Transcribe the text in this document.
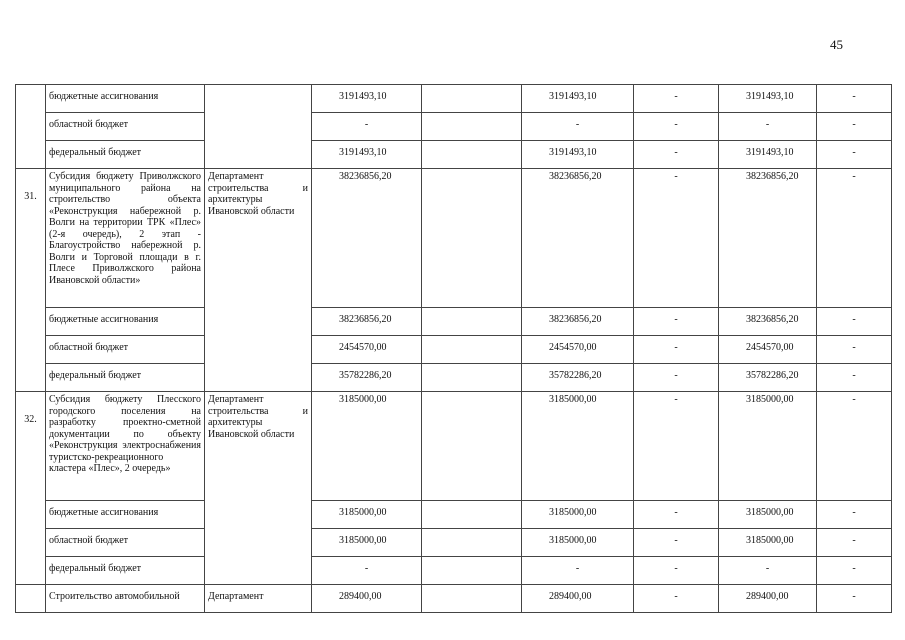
45
	бюджетные ассигнования		3191493,10		3191493,10	-	3191493,10	-
	областной бюджет		-		-	-	-	-
	федеральный бюджет		3191493,10		3191493,10	-	3191493,10	-
31.	Субсидия бюджету Приволжского муниципального района на строительство объекта «Реконструкция набережной р. Волги на территории ТРК «Плес» (2-я очередь), 2 этап - Благоустройство набережной р. Волги и Торговой площади в г. Плесе Приволжского района Ивановской области»	Департамент строительства и архитектуры Ивановской области	38236856,20		38236856,20	-	38236856,20	-
	бюджетные ассигнования		38236856,20		38236856,20	-	38236856,20	-
	областной бюджет		2454570,00		2454570,00	-	2454570,00	-
	федеральный бюджет		35782286,20		35782286,20	-	35782286,20	-
32.	Субсидия бюджету Плесского городского поселения на разработку проектно-сметной документации по объекту «Реконструкция электроснабжения туристско-рекреационного кластера «Плес», 2 очередь»	Департамент строительства и архитектуры Ивановской области	3185000,00		3185000,00	-	3185000,00	-
	бюджетные ассигнования		3185000,00		3185000,00	-	3185000,00	-
	областной бюджет		3185000,00		3185000,00	-	3185000,00	-
	федеральный бюджет		-		-	-	-	-
	Строительство автомобильной	Департамент	289400,00		289400,00	-	289400,00	-
